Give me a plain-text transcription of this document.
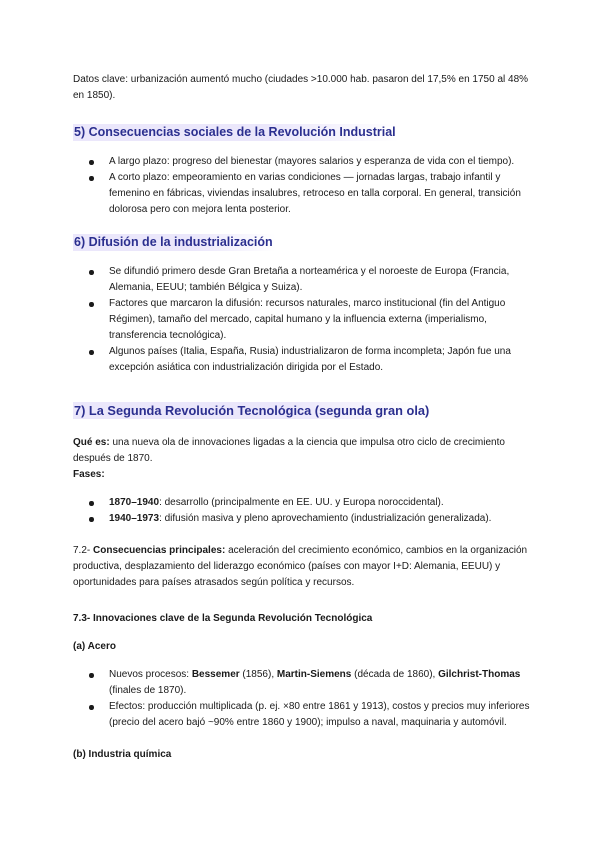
Datos clave: urbanización aumentó mucho (ciudades >10.000 hab. pasaron del 17,5% en 1750 al 48% en 1850).

5) Consecuencias sociales de la Revolución Industrial
A largo plazo: progreso del bienestar (mayores salarios y esperanza de vida con el tiempo).
A corto plazo: empeoramiento en varias condiciones — jornadas largas, trabajo infantil y femenino en fábricas, viviendas insalubres, retroceso en talla corporal. En general, transición dolorosa pero con mejora lenta posterior.
6) Difusión de la industrialización
Se difundió primero desde Gran Bretaña a norteamérica y el noroeste de Europa (Francia, Alemania, EEUU; también Bélgica y Suiza).
Factores que marcaron la difusión: recursos naturales, marco institucional (fin del Antiguo Régimen), tamaño del mercado, capital humano y la influencia externa (imperialismo, transferencia tecnológica).
Algunos países (Italia, España, Rusia) industrializaron de forma incompleta; Japón fue una excepción asiática con industrialización dirigida por el Estado.
7) La Segunda Revolución Tecnológica (segunda gran ola)

Qué es: una nueva ola de innovaciones ligadas a la ciencia que impulsa otro ciclo de crecimiento después de 1870.

Fases:

1870–1940: desarrollo (principalmente en EE. UU. y Europa noroccidental).
1940–1973: difusión masiva y pleno aprovechamiento (industrialización generalizada).

7.2- Consecuencias principales: aceleración del crecimiento económico, cambios en la organización productiva, desplazamiento del liderazgo económico (países con mayor I+D: Alemania, EEUU) y oportunidades para países atrasados según política y recursos.

7.3- Innovaciones clave de la Segunda Revolución Tecnológica

(a) Acero

Nuevos procesos: Bessemer (1856), Martin-Siemens (década de 1860), Gilchrist-Thomas (finales de 1870).
Efectos: producción multiplicada (p. ej. ×80 entre 1861 y 1913), costos y precios muy inferiores (precio del acero bajó ~90% entre 1860 y 1900); impulso a naval, maquinaria y automóvil.

(b) Industria química
